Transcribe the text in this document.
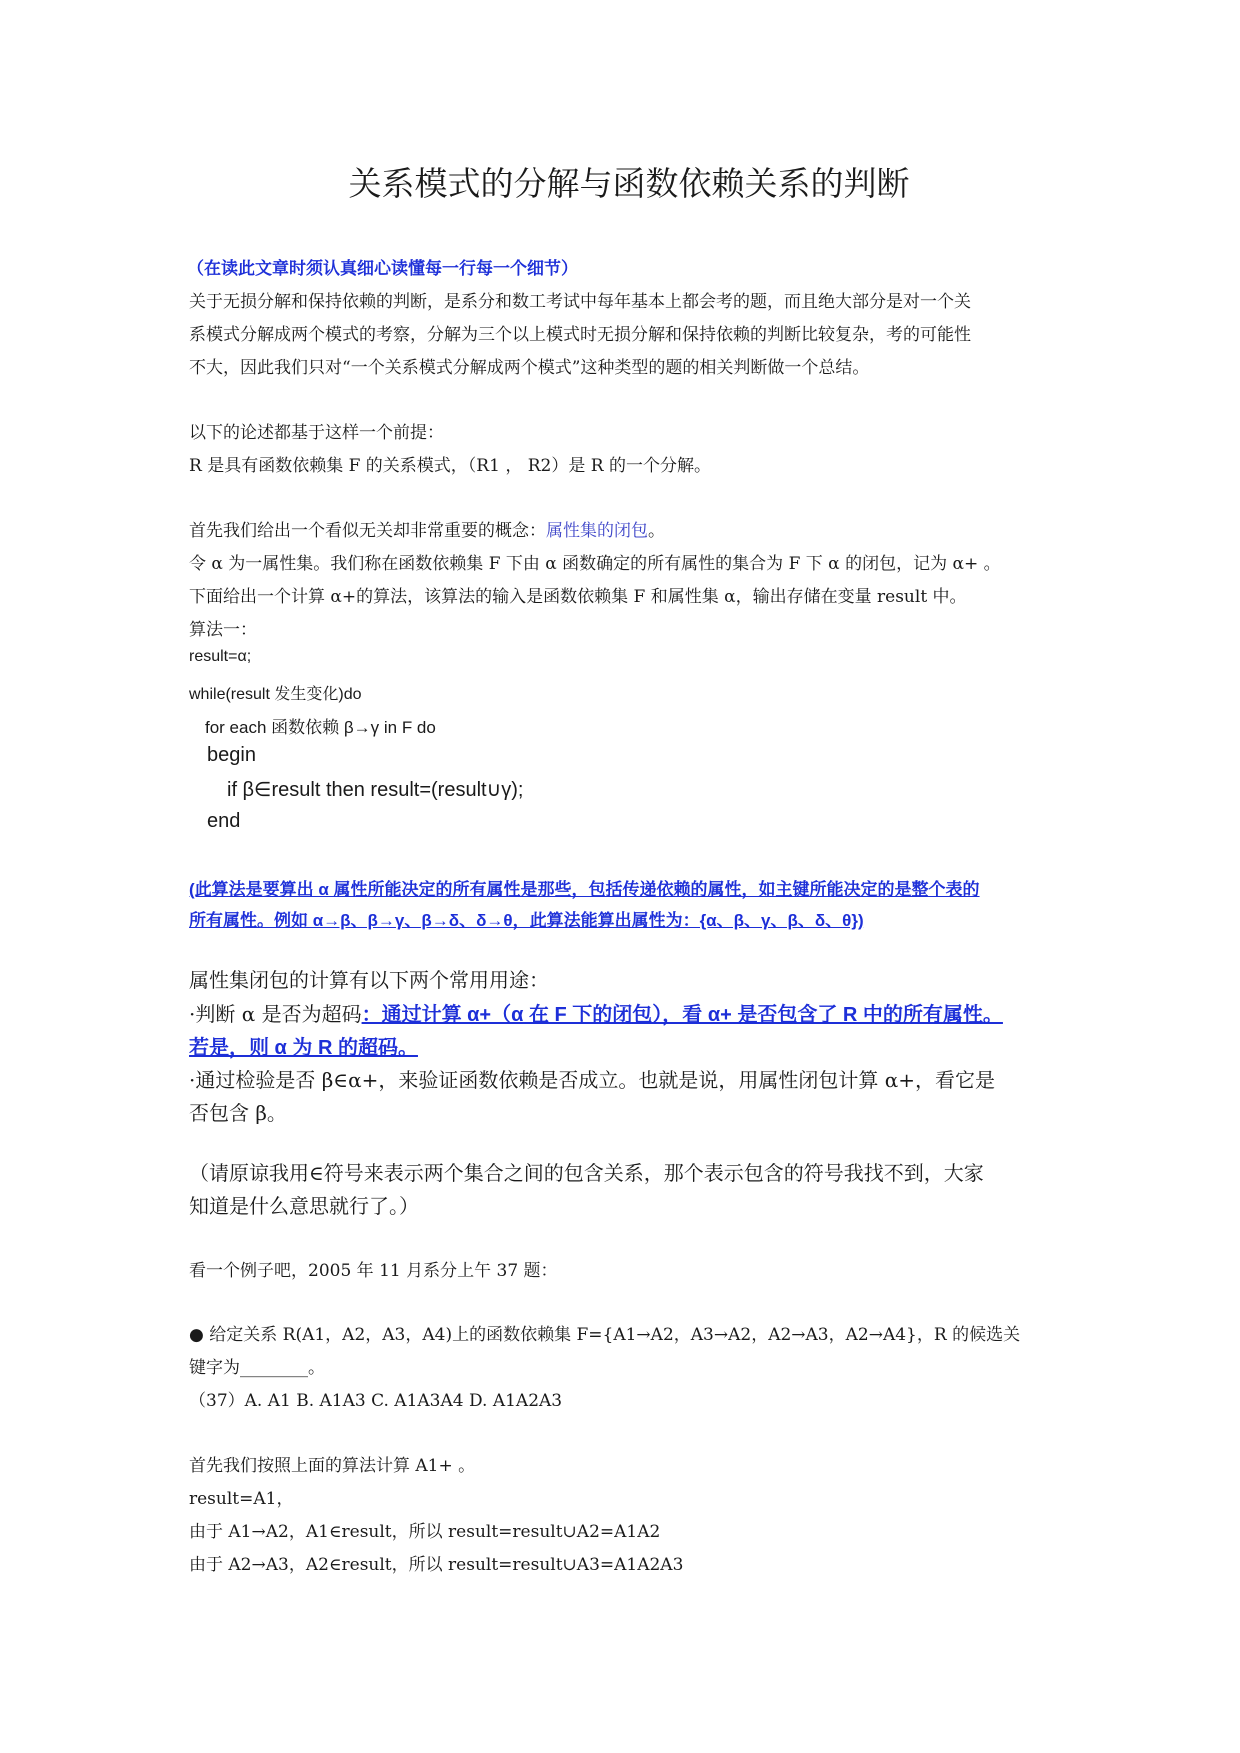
关系模式的分解与函数依赖关系的判断
（在读此文章时须认真细心读懂每一行每一个细节）
关于无损分解和保持依赖的判断，是系分和数工考试中每年基本上都会考的题，而且绝大部分是对一个关
系模式分解成两个模式的考察，分解为三个以上模式时无损分解和保持依赖的判断比较复杂，考的可能性
不大，因此我们只对“一个关系模式分解成两个模式”这种类型的题的相关判断做一个总结。
以下的论述都基于这样一个前提：
R 是具有函数依赖集 F 的关系模式，（R1 ， R2）是 R 的一个分解。
首先我们给出一个看似无关却非常重要的概念：属性集的闭包。
令 α 为一属性集。我们称在函数依赖集 F 下由 α 函数确定的所有属性的集合为 F 下 α 的闭包，记为 α+ 。
下面给出一个计算 α+的算法，该算法的输入是函数依赖集 F 和属性集 α，输出存储在变量 result 中。
算法一：
result=α;
while(result 发生变化)do
for each 函数依赖 β→γ in F do
begin
if β∈result then result=(result∪γ);
end
(此算法是要算出 α 属性所能决定的所有属性是那些，包括传递依赖的属性，如主键所能决定的是整个表的
所有属性。例如 α→β、β→γ、β→δ、δ→θ，此算法能算出属性为：{α、β、γ、β、δ、θ})
属性集闭包的计算有以下两个常用用途：
·判断 α 是否为超码：通过计算 α+（α 在 F 下的闭包），看 α+ 是否包含了 R 中的所有属性。
若是，则 α 为 R 的超码。
·通过检验是否 β∈α+，来验证函数依赖是否成立。也就是说，用属性闭包计算 α+，看它是
否包含 β。
（请原谅我用∈符号来表示两个集合之间的包含关系，那个表示包含的符号我找不到，大家
知道是什么意思就行了。）
看一个例子吧，2005 年 11 月系分上午 37 题：
● 给定关系 R(A1，A2，A3，A4)上的函数依赖集 F={A1→A2，A3→A2，A2→A3，A2→A4}，R 的候选关
键字为________。
（37）A. A1 B. A1A3 C. A1A3A4 D. A1A2A3
首先我们按照上面的算法计算 A1+ 。
result=A1，
由于 A1→A2，A1∈result，所以 result=result∪A2=A1A2
由于 A2→A3，A2∈result，所以 result=result∪A3=A1A2A3
